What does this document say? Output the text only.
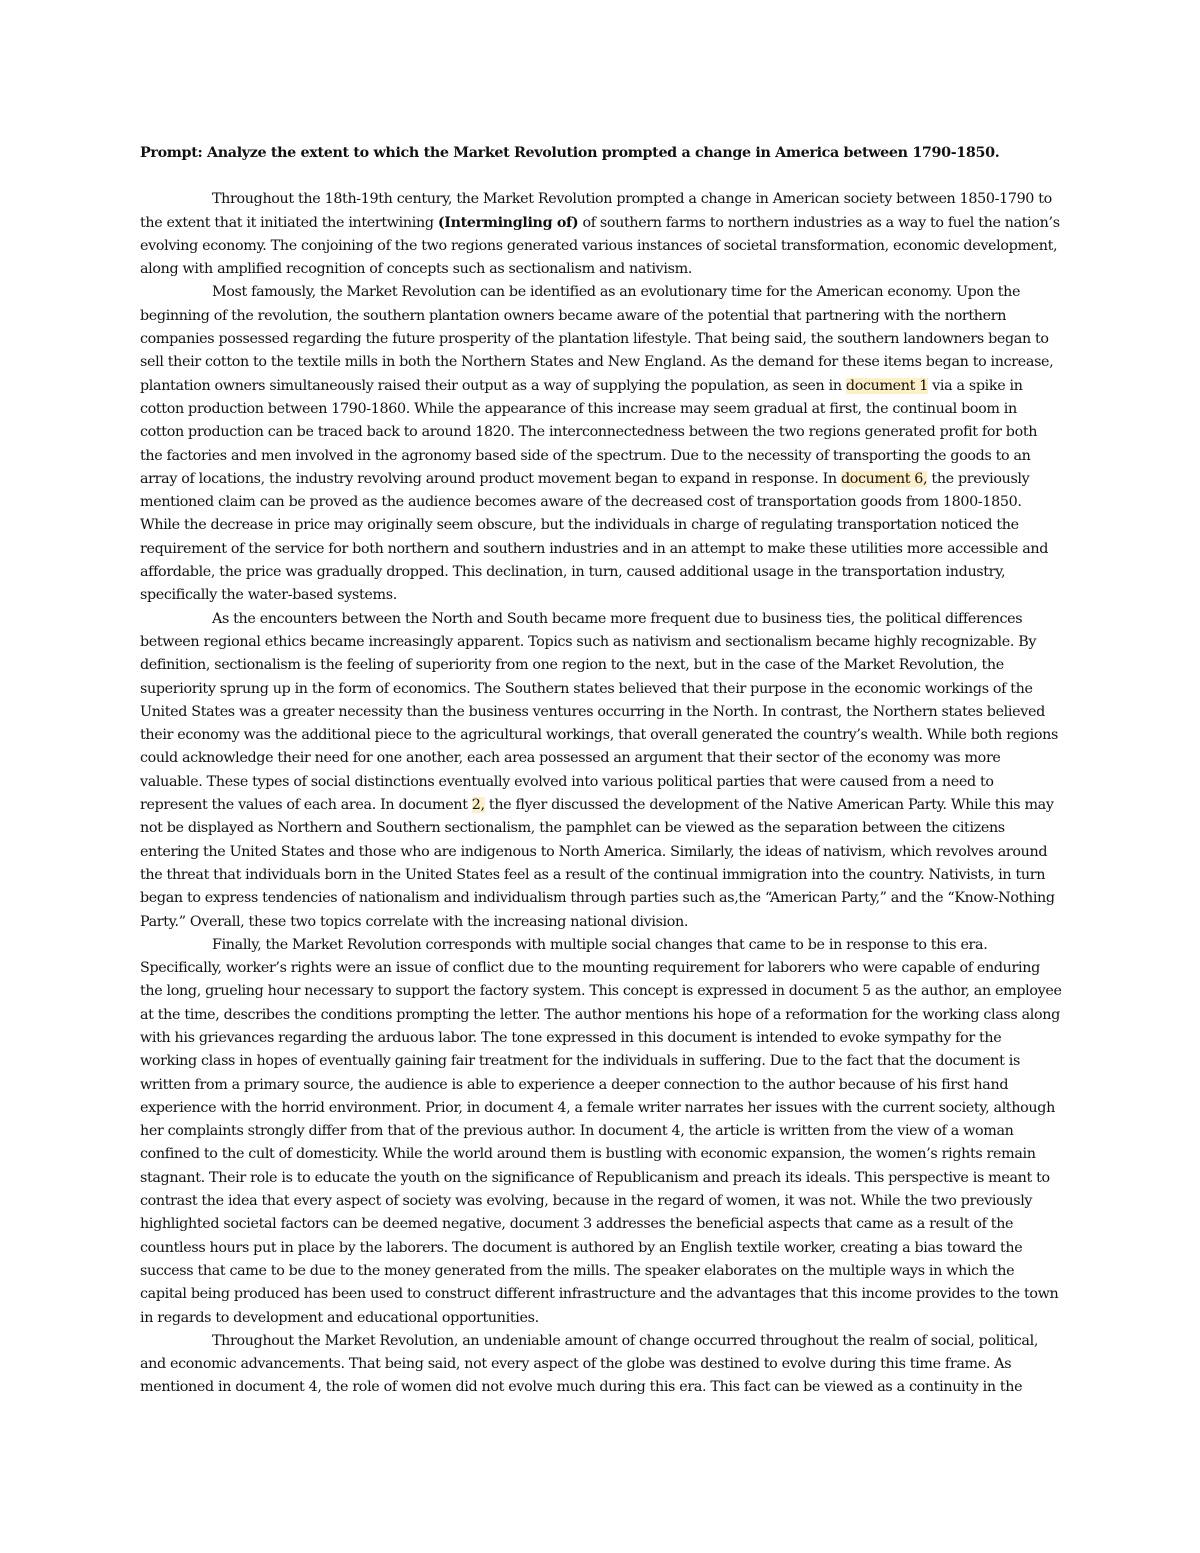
Prompt: Analyze the extent to which the Market Revolution prompted a change in America between 1790-1850.

Throughout the 18th-19th century, the Market Revolution prompted a change in American society between 1850-1790 to the extent that it initiated the intertwining (Intermingling of) of southern farms to northern industries as a way to fuel the nation’s evolving economy. The conjoining of the two regions generated various instances of societal transformation, economic development, along with amplified recognition of concepts such as sectionalism and nativism.

Most famously, the Market Revolution can be identified as an evolutionary time for the American economy. Upon the beginning of the revolution, the southern plantation owners became aware of the potential that partnering with the northern companies possessed regarding the future prosperity of the plantation lifestyle. That being said, the southern landowners began to sell their cotton to the textile mills in both the Northern States and New England. As the demand for these items began to increase, plantation owners simultaneously raised their output as a way of supplying the population, as seen in document 1 via a spike in cotton production between 1790-1860. While the appearance of this increase may seem gradual at first, the continual boom in cotton production can be traced back to around 1820. The interconnectedness between the two regions generated profit for both the factories and men involved in the agronomy based side of the spectrum. Due to the necessity of transporting the goods to an array of locations, the industry revolving around product movement began to expand in response. In document 6, the previously mentioned claim can be proved as the audience becomes aware of the decreased cost of transportation goods from 1800-1850. While the decrease in price may originally seem obscure, but the individuals in charge of regulating transportation noticed the requirement of the service for both northern and southern industries and in an attempt to make these utilities more accessible and affordable, the price was gradually dropped. This declination, in turn, caused additional usage in the transportation industry, specifically the water-based systems.

As the encounters between the North and South became more frequent due to business ties, the political differences between regional ethics became increasingly apparent. Topics such as nativism and sectionalism became highly recognizable. By definition, sectionalism is the feeling of superiority from one region to the next, but in the case of the Market Revolution, the superiority sprung up in the form of economics. The Southern states believed that their purpose in the economic workings of the United States was a greater necessity than the business ventures occurring in the North. In contrast, the Northern states believed their economy was the additional piece to the agricultural workings, that overall generated the country’s wealth. While both regions could acknowledge their need for one another, each area possessed an argument that their sector of the economy was more valuable. These types of social distinctions eventually evolved into various political parties that were caused from a need to represent the values of each area. In document 2, the flyer discussed the development of the Native American Party. While this may not be displayed as Northern and Southern sectionalism, the pamphlet can be viewed as the separation between the citizens entering the United States and those who are indigenous to North America. Similarly, the ideas of nativism, which revolves around the threat that individuals born in the United States feel as a result of the continual immigration into the country. Nativists, in turn began to express tendencies of nationalism and individualism through parties such as,the “American Party,” and the “Know-Nothing Party.” Overall, these two topics correlate with the increasing national division.

Finally, the Market Revolution corresponds with multiple social changes that came to be in response to this era. Specifically, worker’s rights were an issue of conflict due to the mounting requirement for laborers who were capable of enduring the long, grueling hour necessary to support the factory system. This concept is expressed in document 5 as the author, an employee at the time, describes the conditions prompting the letter. The author mentions his hope of a reformation for the working class along with his grievances regarding the arduous labor. The tone expressed in this document is intended to evoke sympathy for the working class in hopes of eventually gaining fair treatment for the individuals in suffering. Due to the fact that the document is written from a primary source, the audience is able to experience a deeper connection to the author because of his first hand experience with the horrid environment. Prior, in document 4, a female writer narrates her issues with the current society, although her complaints strongly differ from that of the previous author. In document 4, the article is written from the view of a woman confined to the cult of domesticity. While the world around them is bustling with economic expansion, the women’s rights remain stagnant. Their role is to educate the youth on the significance of Republicanism and preach its ideals. This perspective is meant to contrast the idea that every aspect of society was evolving, because in the regard of women, it was not. While the two previously highlighted societal factors can be deemed negative, document 3 addresses the beneficial aspects that came as a result of the countless hours put in place by the laborers. The document is authored by an English textile worker, creating a bias toward the success that came to be due to the money generated from the mills. The speaker elaborates on the multiple ways in which the capital being produced has been used to construct different infrastructure and the advantages that this income provides to the town in regards to development and educational opportunities.

Throughout the Market Revolution, an undeniable amount of change occurred throughout the realm of social, political, and economic advancements. That being said, not every aspect of the globe was destined to evolve during this time frame. As mentioned in document 4, the role of women did not evolve much during this era. This fact can be viewed as a continuity in the
